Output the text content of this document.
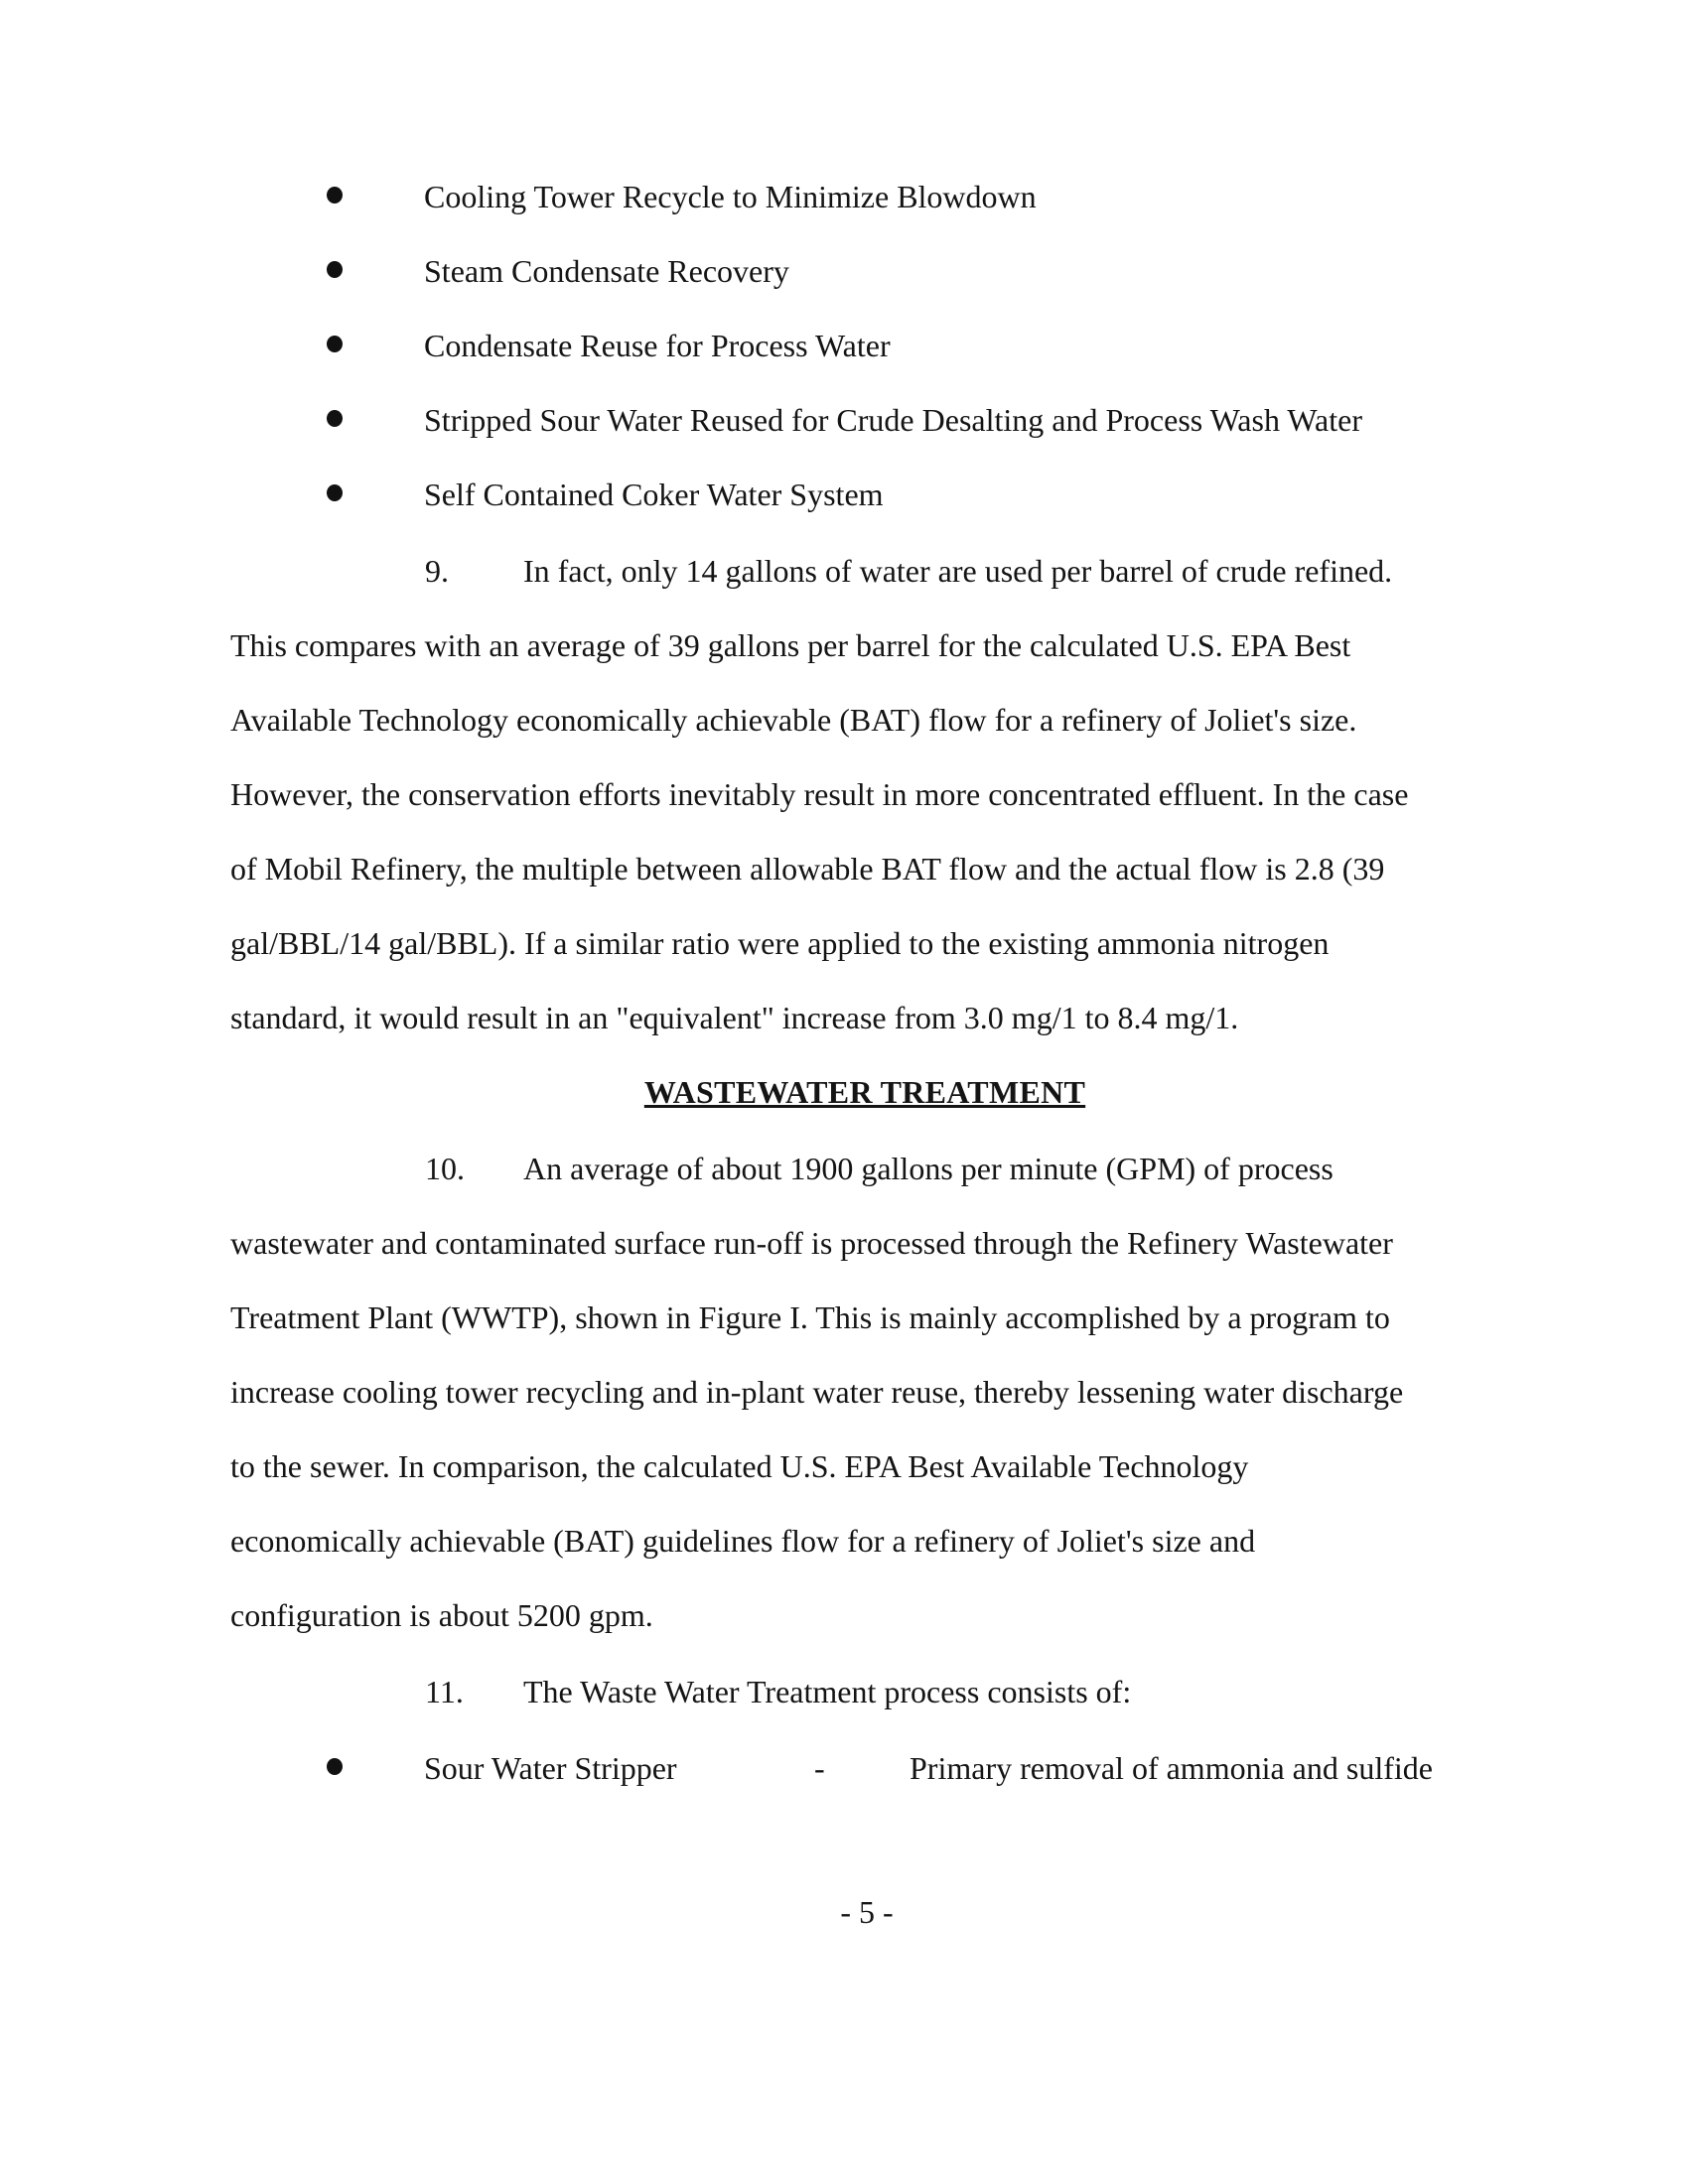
Cooling Tower Recycle to Minimize Blowdown
Steam Condensate Recovery
Condensate Reuse for Process Water
Stripped Sour Water Reused for Crude Desalting and Process Wash Water
Self Contained Coker Water System
9. In fact, only 14 gallons of water are used per barrel of crude refined.
This compares with an average of 39 gallons per barrel for the calculated U.S. EPA Best
Available Technology economically achievable (BAT) flow for a refinery of Joliet's size.
However, the conservation efforts inevitably result in more concentrated effluent. In the case
of Mobil Refinery, the multiple between allowable BAT flow and the actual flow is 2.8 (39
gal/BBL/14 gal/BBL). If a similar ratio were applied to the existing ammonia nitrogen
standard, it would result in an "equivalent" increase from 3.0 mg/1 to 8.4 mg/1.
WASTEWATER TREATMENT
10. An average of about 1900 gallons per minute (GPM) of process
wastewater and contaminated surface run-off is processed through the Refinery Wastewater
Treatment Plant (WWTP), shown in Figure I. This is mainly accomplished by a program to
increase cooling tower recycling and in-plant water reuse, thereby lessening water discharge
to the sewer. In comparison, the calculated U.S. EPA Best Available Technology
economically achievable (BAT) guidelines flow for a refinery of Joliet's size and
configuration is about 5200 gpm.
11. The Waste Water Treatment process consists of:
Sour Water Stripper	-	Primary removal of ammonia and sulfide
- 5 -
